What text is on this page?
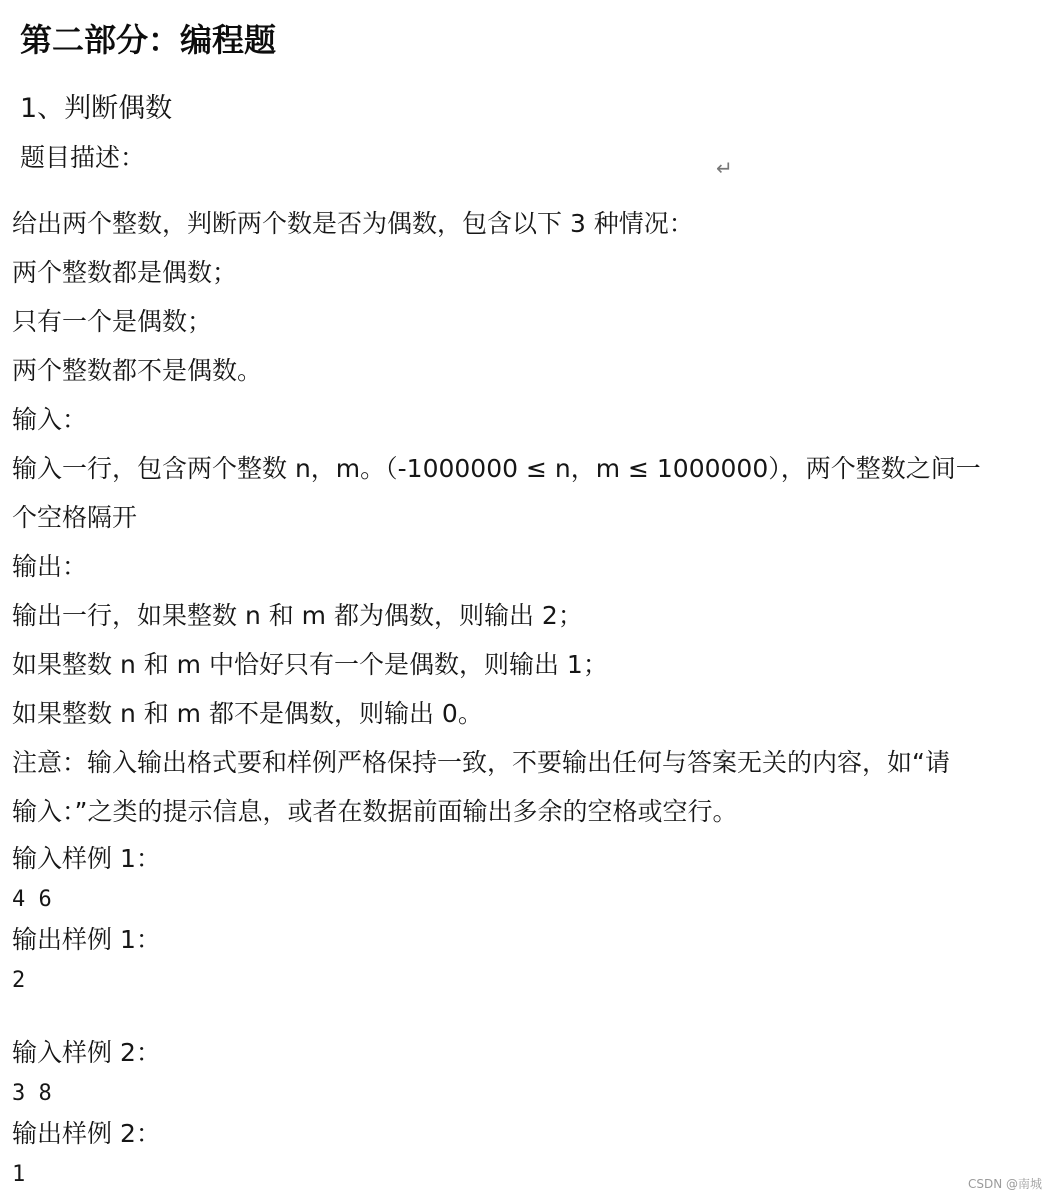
第二部分：编程题
1、判断偶数
题目描述：	↵
给出两个整数，判断两个数是否为偶数，包含以下 3 种情况：
两个整数都是偶数；
只有一个是偶数；
两个整数都不是偶数。
输入：
输入一行，包含两个整数 n，m。（-1000000 ≤ n，m ≤ 1000000），两个整数之间一
个空格隔开
输出：
输出一行，如果整数 n 和 m 都为偶数，则输出 2；
如果整数 n 和 m 中恰好只有一个是偶数，则输出 1；
如果整数 n 和 m 都不是偶数，则输出 0。
注意：输入输出格式要和样例严格保持一致，不要输出任何与答案无关的内容，如“请
输入：”之类的提示信息，或者在数据前面输出多余的空格或空行。
输入样例 1：
4 6
输出样例 1：
2
输入样例 2：
3 8
输出样例 2：
1	CSDN @南城
